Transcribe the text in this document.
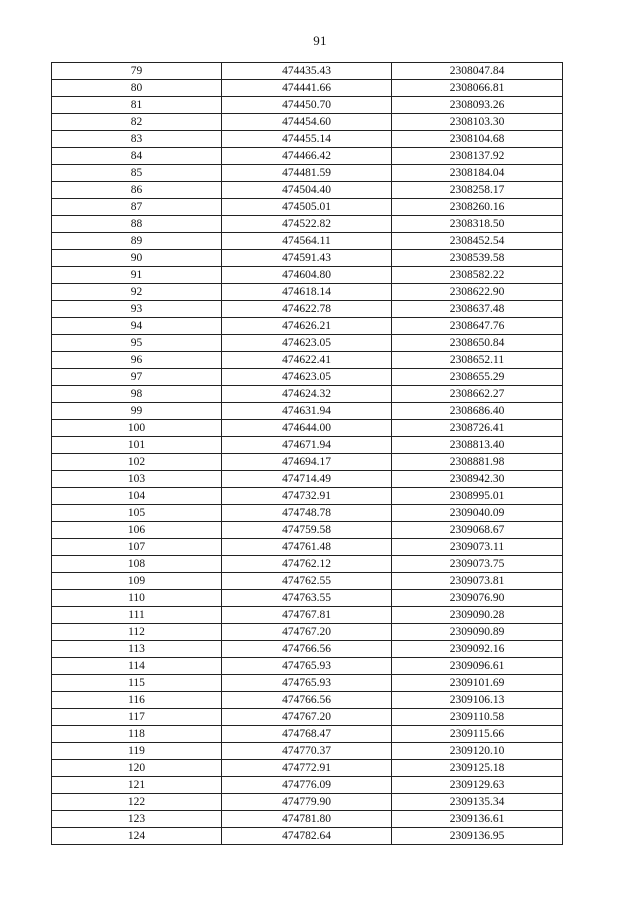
91
79	474435.43	2308047.84
80	474441.66	2308066.81
81	474450.70	2308093.26
82	474454.60	2308103.30
83	474455.14	2308104.68
84	474466.42	2308137.92
85	474481.59	2308184.04
86	474504.40	2308258.17
87	474505.01	2308260.16
88	474522.82	2308318.50
89	474564.11	2308452.54
90	474591.43	2308539.58
91	474604.80	2308582.22
92	474618.14	2308622.90
93	474622.78	2308637.48
94	474626.21	2308647.76
95	474623.05	2308650.84
96	474622.41	2308652.11
97	474623.05	2308655.29
98	474624.32	2308662.27
99	474631.94	2308686.40
100	474644.00	2308726.41
101	474671.94	2308813.40
102	474694.17	2308881.98
103	474714.49	2308942.30
104	474732.91	2308995.01
105	474748.78	2309040.09
106	474759.58	2309068.67
107	474761.48	2309073.11
108	474762.12	2309073.75
109	474762.55	2309073.81
110	474763.55	2309076.90
111	474767.81	2309090.28
112	474767.20	2309090.89
113	474766.56	2309092.16
114	474765.93	2309096.61
115	474765.93	2309101.69
116	474766.56	2309106.13
117	474767.20	2309110.58
118	474768.47	2309115.66
119	474770.37	2309120.10
120	474772.91	2309125.18
121	474776.09	2309129.63
122	474779.90	2309135.34
123	474781.80	2309136.61
124	474782.64	2309136.95
